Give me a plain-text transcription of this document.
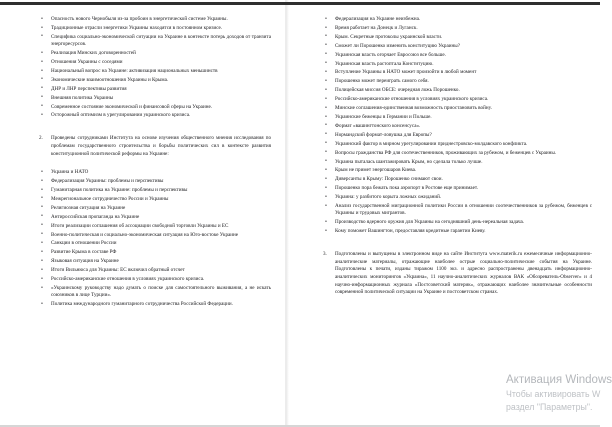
• Опасность нового Чернобыля из-за пробоин в энергетической системе Украины.
• Традиционные отрасли энергетики Украины находятся в постоянном кризисе.
• Специфика социально-экономической ситуации на Украине в контексте потерь доходов от транзита энергоресурсов.
• Реализация Минских договоренностей
• Отношения Украины с соседями
• Национальный вопрос на Украине: активизация национальных меньшинств
• Экономические взаимоотношения Украины и Крыма.
• ДНР и ЛНР перспективы развития
• Внешняя политика Украины
• Современное состояние экономической и финансовой сферы на Украине.
• Осторожный оптимизм в урегулировании украинского кризиса.

2. Проведены сотрудниками Института на основе изучения общественного мнения исследования по проблемам государственного строительства и борьбы политических сил в контексте развития конституционной политической реформы на Украине:

• Украина и НАТО
• Федерализация Украины: проблемы и перспективы
• Гуманитарная политика на Украине: проблемы и перспективы
• Межрегиональное сотрудничество России и Украины
• Религиозная ситуация на Украине
• Антироссийская пропаганда на Украине
• Итоги реализации соглашения об ассоциации свободной торговли Украины и ЕС
• Военно-политическая и социально-экономическая ситуация на Юго-востоке Украине
• Санкции в отношении России
• Развитие Крыма в составе РФ
• Языковая ситуация на Украине
• Итоги Вильнюса для Украины: ЕС включил обратный отсчет
• Российско-американские отношения в условиях украинского кризиса.
• «Украинскому руководству надо думать о поиске для самостоятельного выживания, а не искать союзников в лице Турции».
• Политика международного гуманитарного сотрудничества Российской Федерации.
• Федерализация на Украине неизбежна.
• Время работает на Донецк и Луганск.
• Крым. Секретные протоколы украинской власти.
• Сможет ли Порошенко изменить конституцию Украины?
• Украинская власть огорчает Евросоюз все больше.
• Украинская власть растоптала Конституцию.
• Вступление Украины в НАТО может произойти в любой момент
• Порошенко может переиграть самого себя.
• Полицейская миссия ОБСЕ: очередная ложь Порошенко.
• Российско-американские отношения в условиях украинского кризиса.
• Минские соглашения-единственная возможность приостановить войну.
• Украинские беженцы в Германии и Польше.
• Формат «вашингтонского консенсуса».
• Нормандский формат-ловушка для Европы?
• Украинский фактор в мирном урегулировании приднестровско-молдавского конфликта.
• Вопросы гражданства РФ для соотечественников, проживающих за рубежом, и беженцев с Украины.
• Украина пыталась шантажировать Крым, но сделала только лучше.
• Крым не примет энергошаров Киева.
• Диверсанты в Крыму: Порошенко снимают свои.
• Порошенко пора бежать пока аэропорт в Ростове еще принимает.
• Украина: у разбитого корыта ложных ожиданий.
• Анализ государственной миграционной политики России в отношении соотечественников за рубежом, беженцев с Украины и трудовых мигрантов.
• Производство ядерного оружия для Украины на сегодняшний день-нереальная задача.
• Кому поможет Вашингтон, предоставляя кредитные гарантии Киеву.

3. Подготовлены и выпущены в электронном виде на сайте Института www.materik.ru ежемесячные информационно-аналитические материалы, отражающие наиболее острые социально-политические события на Украине. Подготовлены к печати, изданы тиражом 1100 экз. и адресно распространены двенадцать информационно-аналитических мониторингов «Украина», 11 научно-аналитических журналов ВАК «Обозреватель-Observer» и 4 научно-информационных журнала «Постсоветский материк», отражающих наиболее значительные особенности современной политической ситуации на Украине и постсоветском странах.

Активация Windows
Чтобы активировать W
раздел "Параметры".
